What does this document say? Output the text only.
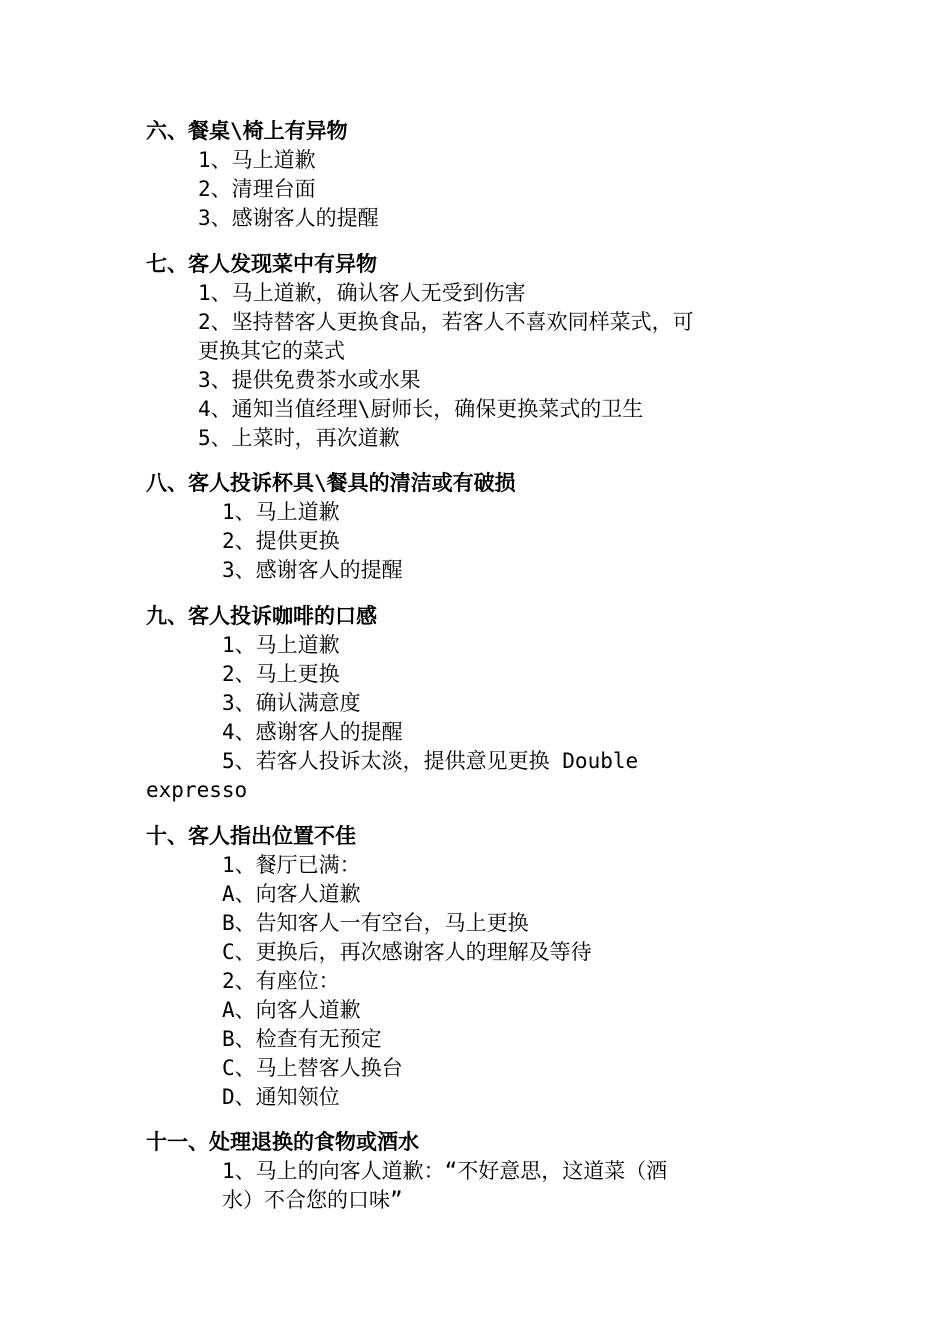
六、餐桌\椅上有异物

1、马上道歉

2、清理台面

3、感谢客人的提醒

七、客人发现菜中有异物

1、马上道歉，确认客人无受到伤害

2、坚持替客人更换食品，若客人不喜欢同样菜式，可

更换其它的菜式

3、提供免费茶水或水果

4、通知当值经理\厨师长，确保更换菜式的卫生

5、上菜时，再次道歉

八、客人投诉杯具\餐具的清洁或有破损

1、马上道歉

2、提供更换

3、感谢客人的提醒

九、客人投诉咖啡的口感

1、马上道歉

2、马上更换

3、确认满意度

4、感谢客人的提醒

5、若客人投诉太淡，提供意见更换 Double

expresso

十、客人指出位置不佳

1、餐厅已满：

A、向客人道歉

B、告知客人一有空台，马上更换

C、更换后，再次感谢客人的理解及等待

2、有座位：

A、向客人道歉

B、检查有无预定

C、马上替客人换台

D、通知领位

十一、处理退换的食物或酒水

1、马上的向客人道歉：“不好意思，这道菜（酒

水）不合您的口味”
